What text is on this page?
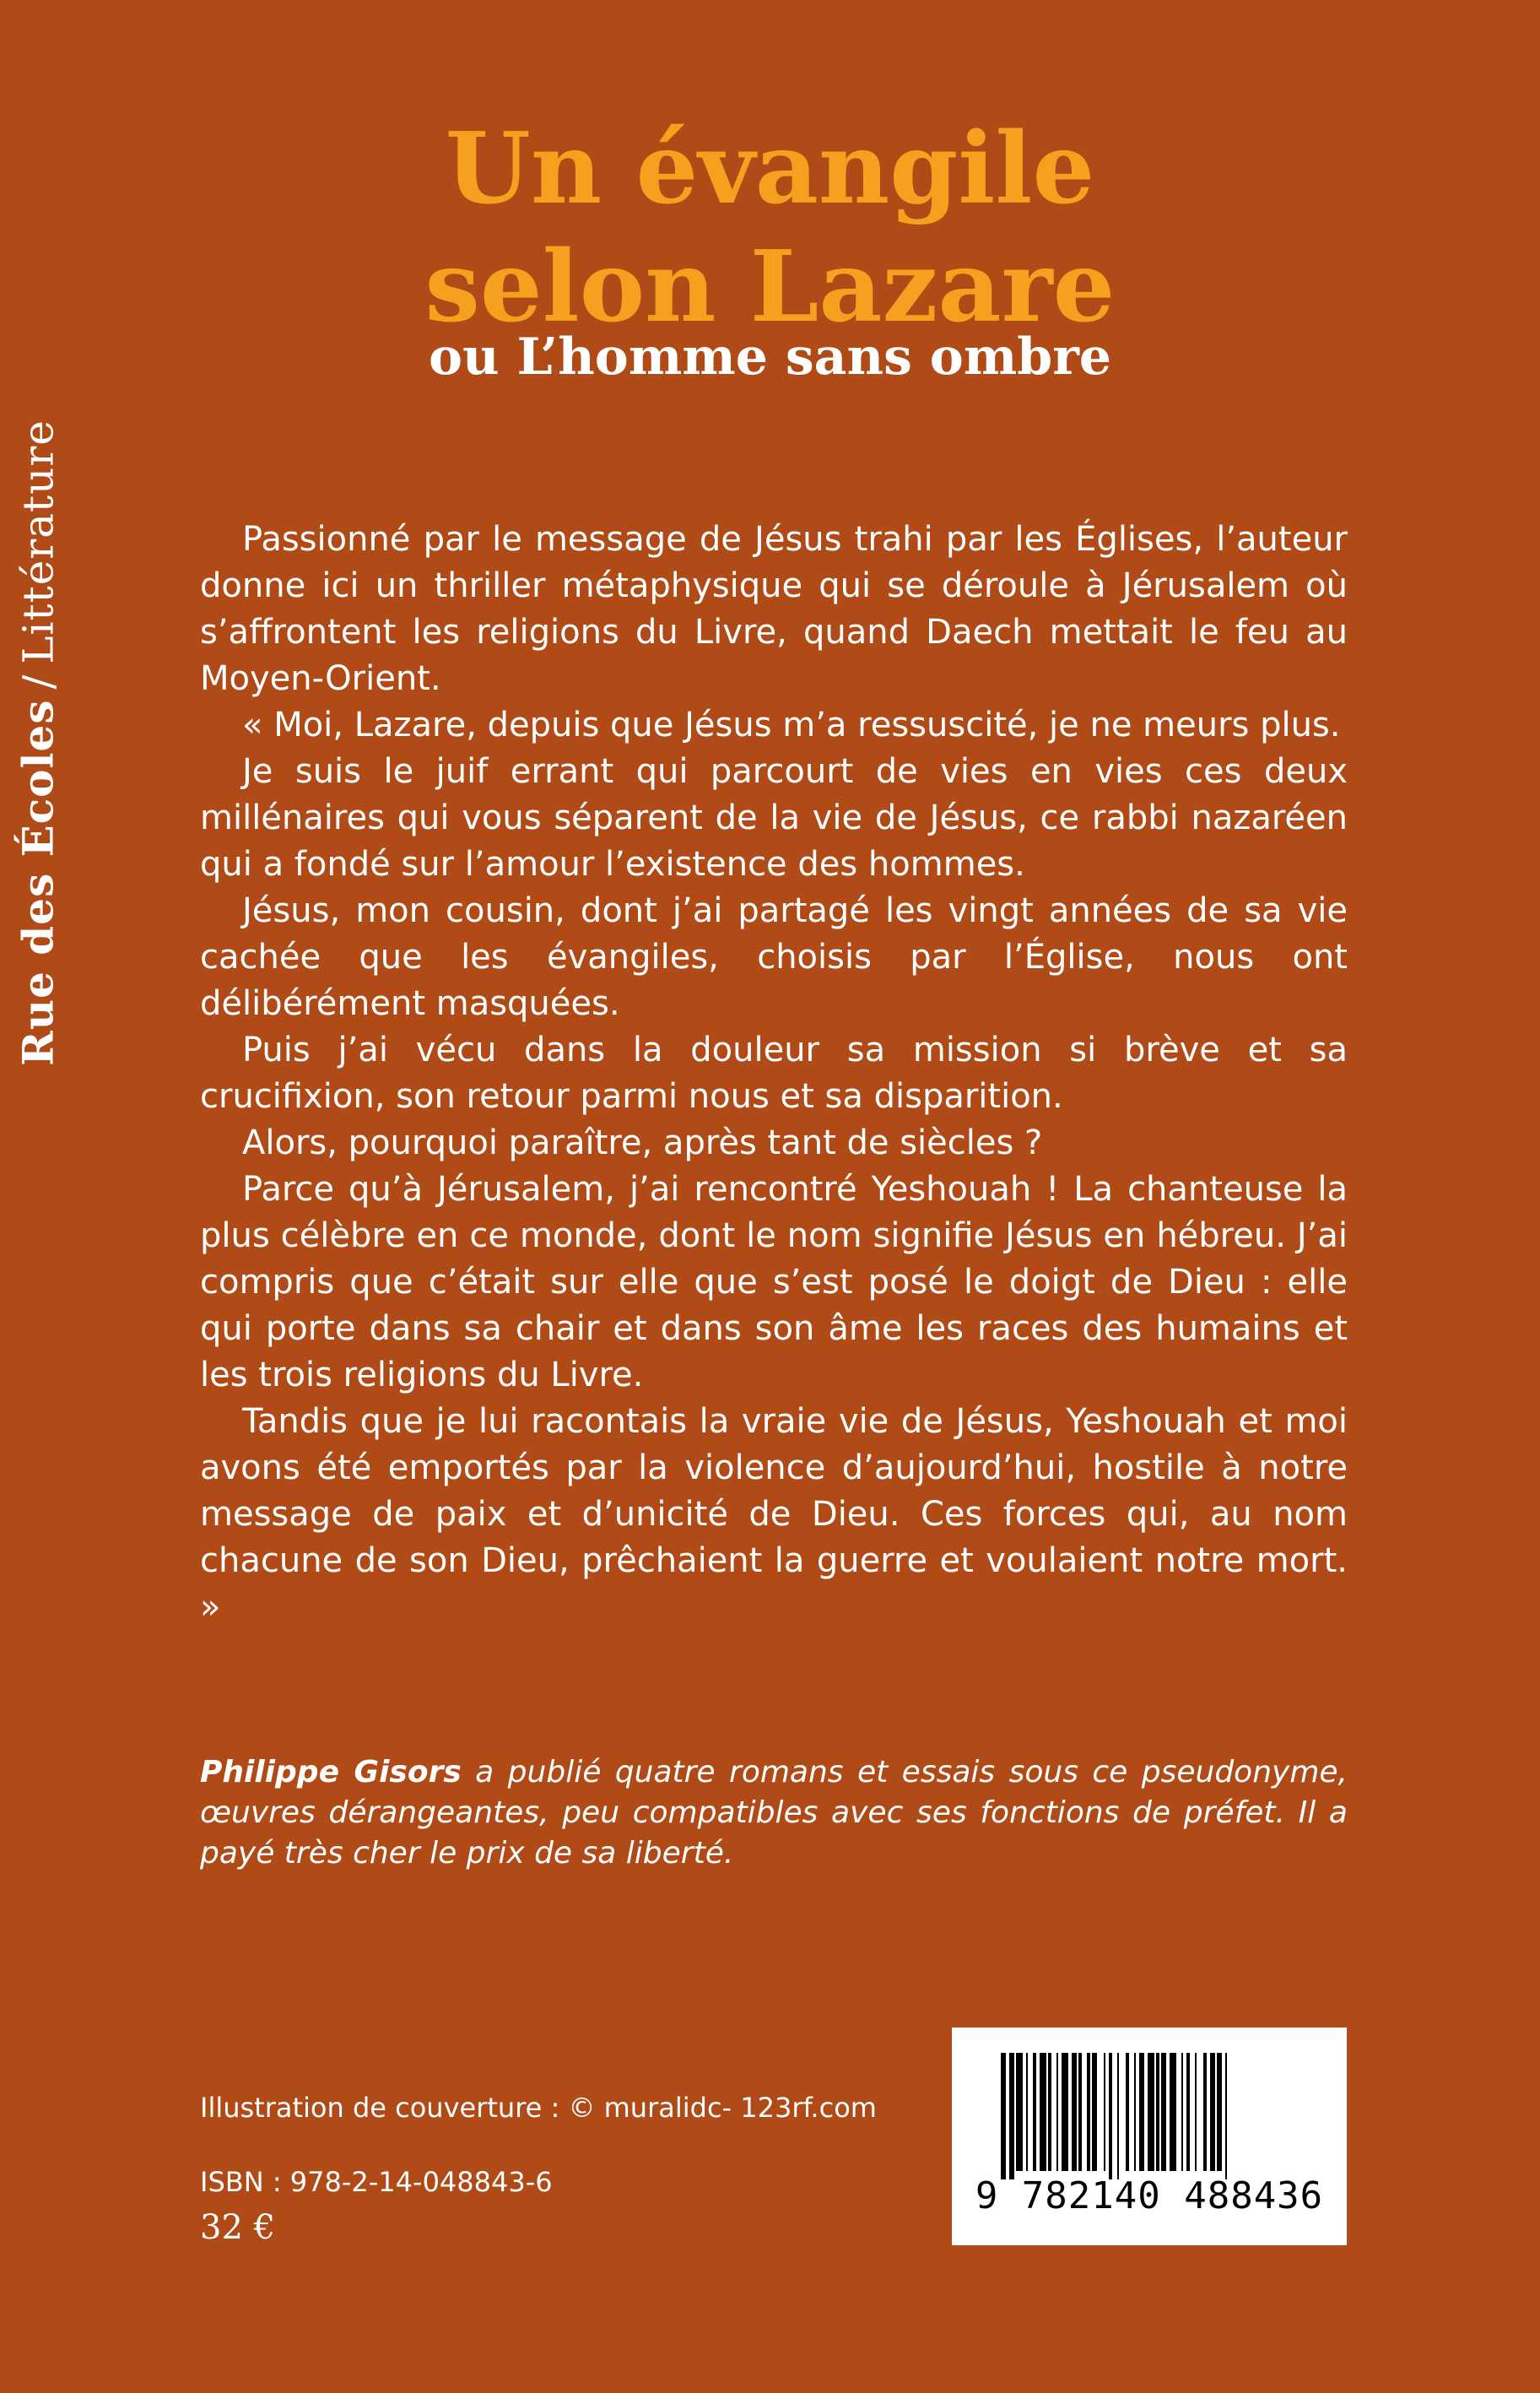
Rue des Écoles/Littérature
Un évangile
selon Lazare
ou L’homme sans ombre

Passionné par le message de Jésus trahi par les Églises, l’auteur donne ici un thriller métaphysique qui se déroule à Jérusalem où s’affrontent les religions du Livre, quand Daech mettait le feu au Moyen-Orient.

« Moi, Lazare, depuis que Jésus m’a ressuscité, je ne meurs plus.

Je suis le juif errant qui parcourt de vies en vies ces deux millénaires qui vous séparent de la vie de Jésus, ce rabbi nazaréen qui a fondé sur l’amour l’existence des hommes.

Jésus, mon cousin, dont j’ai partagé les vingt années de sa vie cachée que les évangiles, choisis par l’Église, nous ont délibérément masquées.

Puis j’ai vécu dans la douleur sa mission si brève et sa crucifixion, son retour parmi nous et sa disparition.

Alors, pourquoi paraître, après tant de siècles ?

Parce qu’à Jérusalem, j’ai rencontré Yeshouah ! La chanteuse la plus célèbre en ce monde, dont le nom signifie Jésus en hébreu. J’ai compris que c’était sur elle que s’est posé le doigt de Dieu : elle qui porte dans sa chair et dans son âme les races des humains et les trois religions du Livre.

Tandis que je lui racontais la vraie vie de Jésus, Yeshouah et moi avons été emportés par la violence d’aujourd’hui, hostile à notre message de paix et d’unicité de Dieu. Ces forces qui, au nom chacune de son Dieu, prêchaient la guerre et voulaient notre mort. »

Philippe Gisors a publié quatre romans et essais sous ce pseudonyme, œuvres dérangeantes, peu compatibles avec ses fonctions de préfet. Il a payé très cher le prix de sa liberté.

Illustration de couverture : © muralidc- 123rf.com

ISBN : 978-2-14-048843-6

32 €

9 782140 488436
